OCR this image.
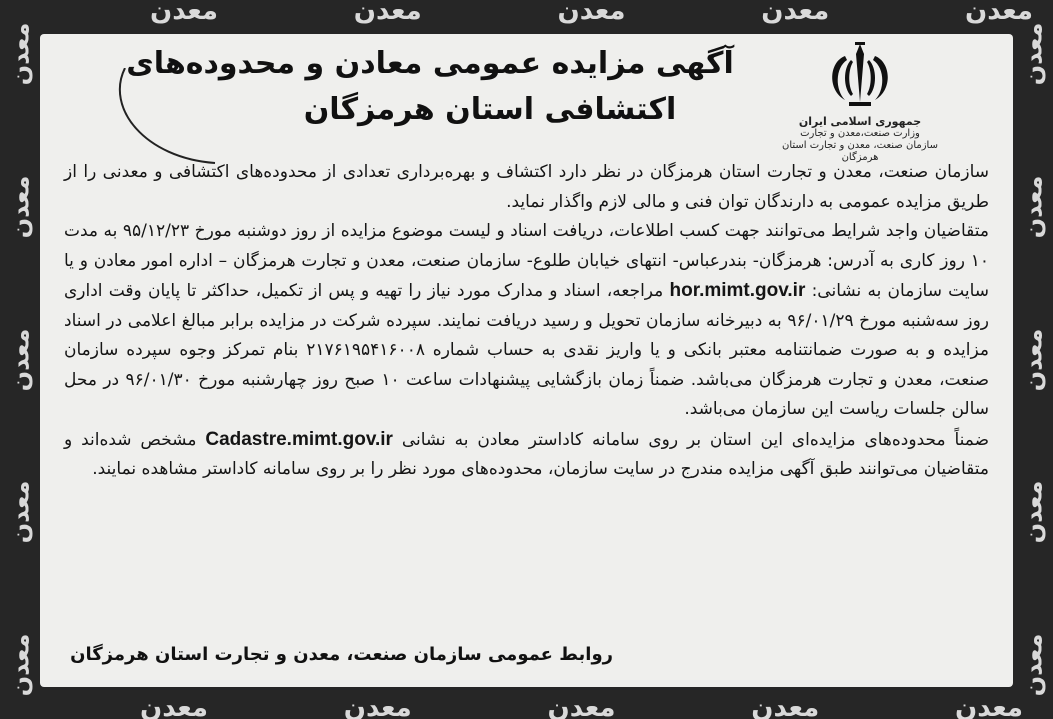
معدن
معدن
معدن
معدن
معدن
معدن
معدن
معدن
معدن
معدن
معدن
معدن
معدن
معدن
معدن
معدن
معدن
معدن
معدن
معدن
جمهوری اسلامی ایران
وزارت صنعت،معدن و تجارت
سازمان صنعت، معدن و تجارت استان هرمزگان
آگهی مزایده عمومی معادن و محدوده‌های
اکتشافی استان هرمزگان

سازمان صنعت، معدن و تجارت استان هرمزگان در نظر دارد اکتشاف و بهره‌برداری تعدادی از محدوده‌های اکتشافی و معدنی را از طریق مزایده عمومی به دارندگان توان فنی و مالی لازم واگذار نماید.

متقاضیان واجد شرایط می‌توانند جهت کسب اطلاعات، دریافت اسناد و لیست موضوع مزایده از روز دوشنبه مورخ ۹۵/۱۲/۲۳ به مدت ۱۰ روز کاری به آدرس: هرمزگان- بندرعباس- انتهای خیابان طلوع- سازمان صنعت، معدن و تجارت هرمزگان – اداره امور معادن و یا سایت سازمان به نشانی: hor.mimt.gov.ir مراجعه، اسناد و مدارک مورد نیاز را تهیه و پس از تکمیل، حداکثر تا پایان وقت اداری روز سه‌شنبه مورخ ۹۶/۰۱/۲۹ به دبیرخانه سازمان تحویل و رسید دریافت نمایند. سپرده شرکت در مزایده برابر مبالغ اعلامی در اسناد مزایده و به صورت ضمانتنامه معتبر بانکی و یا واریز نقدی به حساب شماره ۲۱۷۶۱۹۵۴۱۶۰۰۸ بنام تمرکز وجوه سپرده سازمان صنعت، معدن و تجارت هرمزگان می‌باشد. ضمناً زمان بازگشایی پیشنهادات ساعت ۱۰ صبح روز چهارشنبه مورخ ۹۶/۰۱/۳۰ در محل سالن جلسات ریاست این سازمان می‌باشد.

ضمناً محدوده‌های مزایده‌ای این استان بر روی سامانه کاداستر معادن به نشانی Cadastre.mimt.gov.ir مشخص شده‌اند و متقاضیان می‌توانند طبق آگهی مزایده مندرج در سایت سازمان، محدوده‌های مورد نظر را بر روی سامانه کاداستر مشاهده نمایند.

روابط عمومی سازمان صنعت، معدن و تجارت استان هرمزگان
